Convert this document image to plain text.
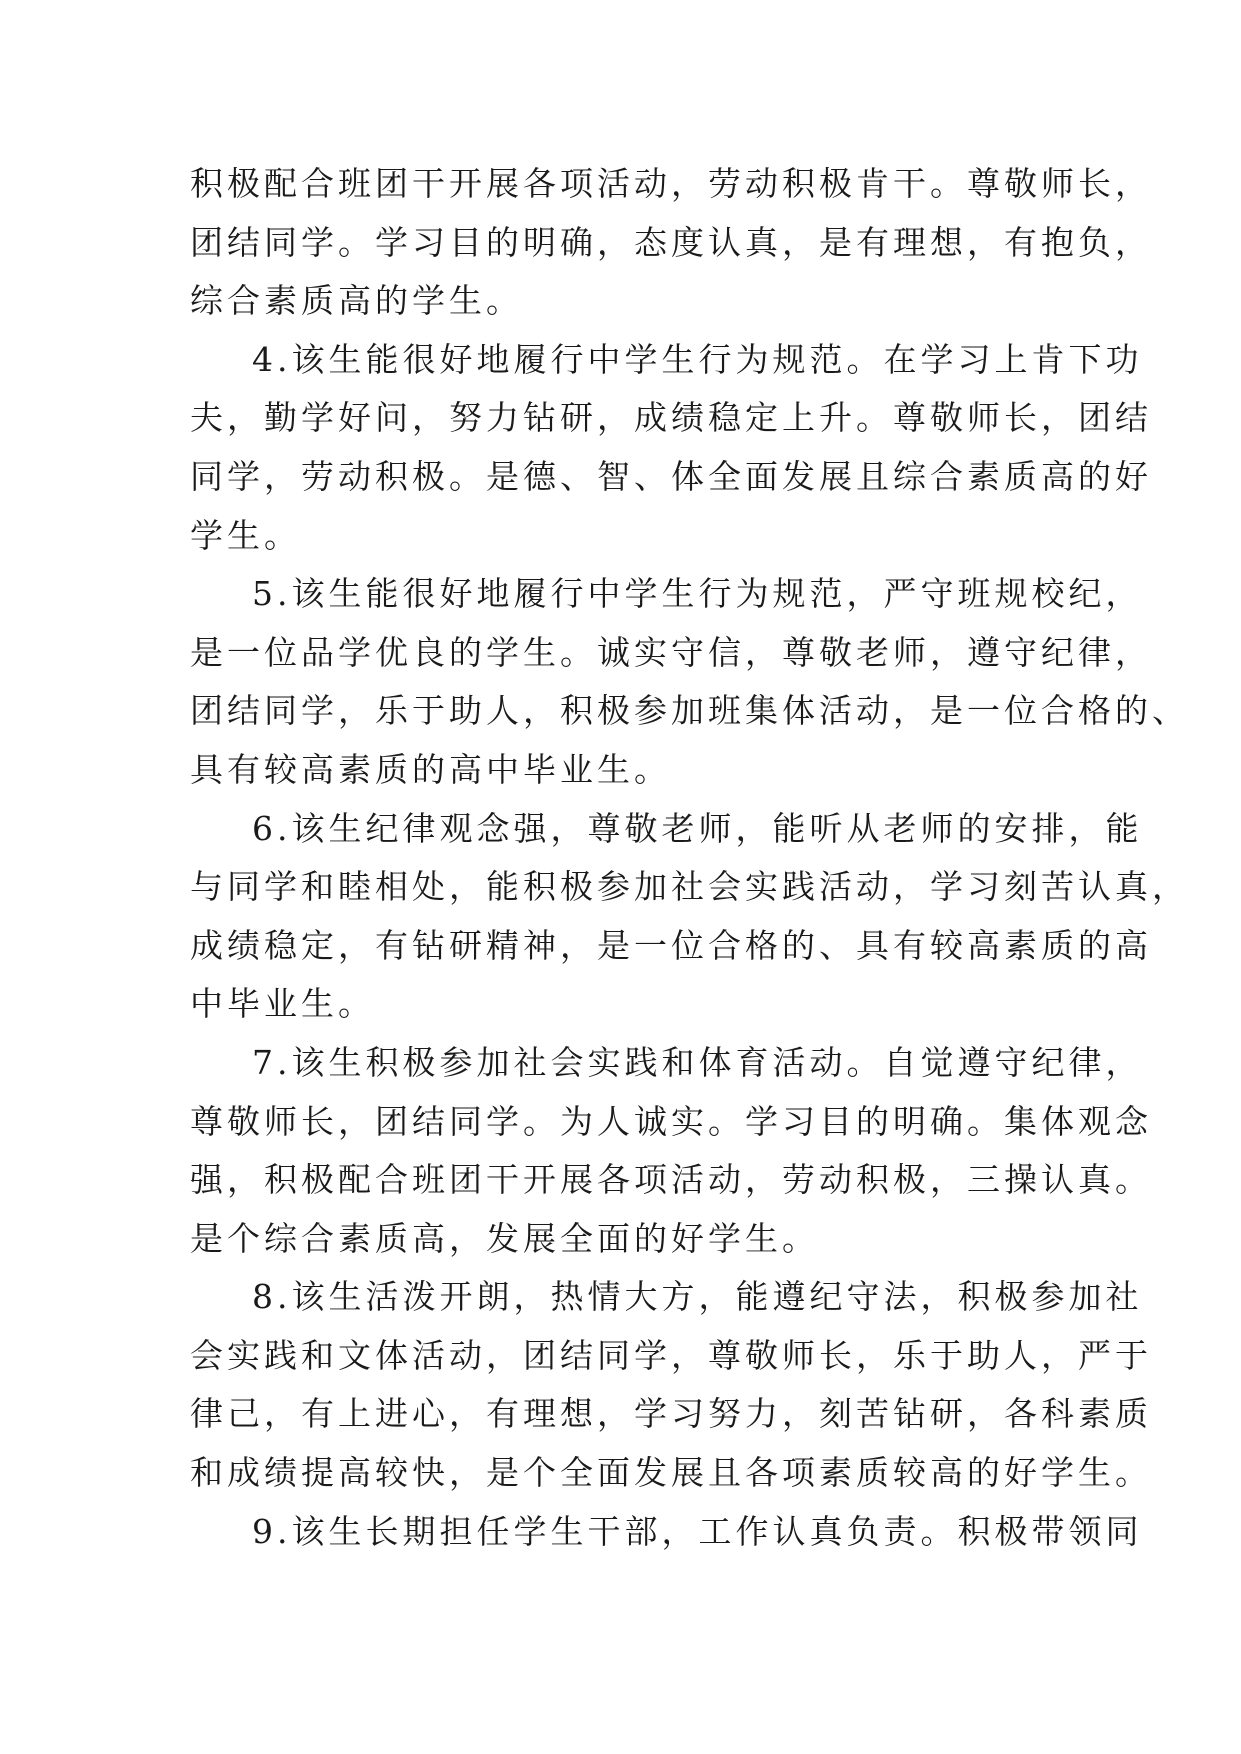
积极配合班团干开展各项活动，劳动积极肯干。尊敬师长，
团结同学。学习目的明确，态度认真，是有理想，有抱负，
综合素质高的学生。
4.该生能很好地履行中学生行为规范。在学习上肯下功
夫，勤学好问，努力钻研，成绩稳定上升。尊敬师长，团结
同学，劳动积极。是德、智、体全面发展且综合素质高的好
学生。
5.该生能很好地履行中学生行为规范，严守班规校纪，
是一位品学优良的学生。诚实守信，尊敬老师，遵守纪律，
团结同学，乐于助人，积极参加班集体活动，是一位合格的、
具有较高素质的高中毕业生。
6.该生纪律观念强，尊敬老师，能听从老师的安排，能
与同学和睦相处，能积极参加社会实践活动，学习刻苦认真，
成绩稳定，有钻研精神，是一位合格的、具有较高素质的高
中毕业生。
7.该生积极参加社会实践和体育活动。自觉遵守纪律，
尊敬师长，团结同学。为人诚实。学习目的明确。集体观念
强，积极配合班团干开展各项活动，劳动积极，三操认真。
是个综合素质高，发展全面的好学生。
8.该生活泼开朗，热情大方，能遵纪守法，积极参加社
会实践和文体活动，团结同学，尊敬师长，乐于助人，严于
律己，有上进心，有理想，学习努力，刻苦钻研，各科素质
和成绩提高较快，是个全面发展且各项素质较高的好学生。
9.该生长期担任学生干部，工作认真负责。积极带领同
